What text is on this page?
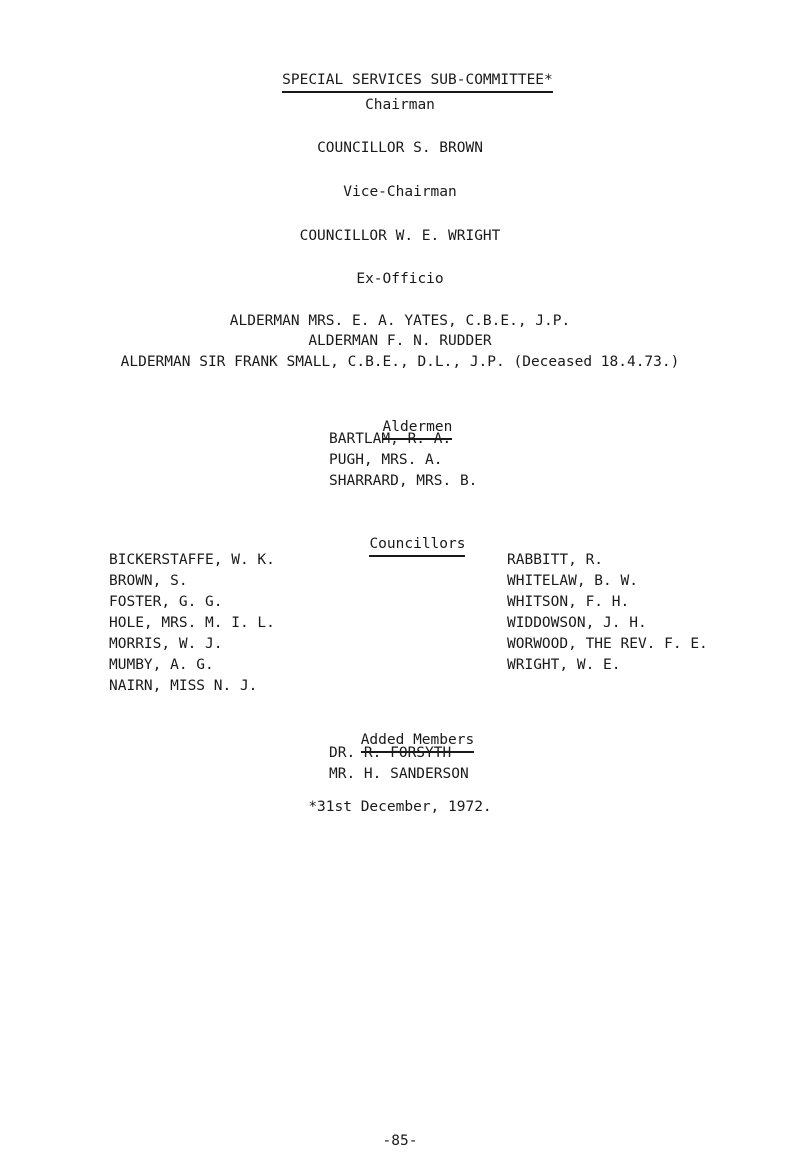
SPECIAL SERVICES SUB-COMMITTEE*

Chairman
COUNCILLOR S. BROWN
Vice-Chairman
COUNCILLOR W. E. WRIGHT
Ex-Officio
ALDERMAN MRS. E. A. YATES, C.B.E., J.P.
ALDERMAN F. N. RUDDER
ALDERMAN SIR FRANK SMALL, C.B.E., D.L., J.P. (Deceased 18.4.73.)

Aldermen

BARTLAM, R. A.
PUGH, MRS. A.
SHARRARD, MRS. B.

Councillors

BICKERSTAFFE, W. K.
BROWN, S.
FOSTER, G. G.
HOLE, MRS. M. I. L.
MORRIS, W. J.
MUMBY, A. G.
NAIRN, MISS N. J.
RABBITT, R.
WHITELAW, B. W.
WHITSON, F. H.
WIDDOWSON, J. H.
WORWOOD, THE REV. F. E.
WRIGHT, W. E.

Added Members

DR. R. FORSYTH
MR. H. SANDERSON
*31st December, 1972.
-85-
